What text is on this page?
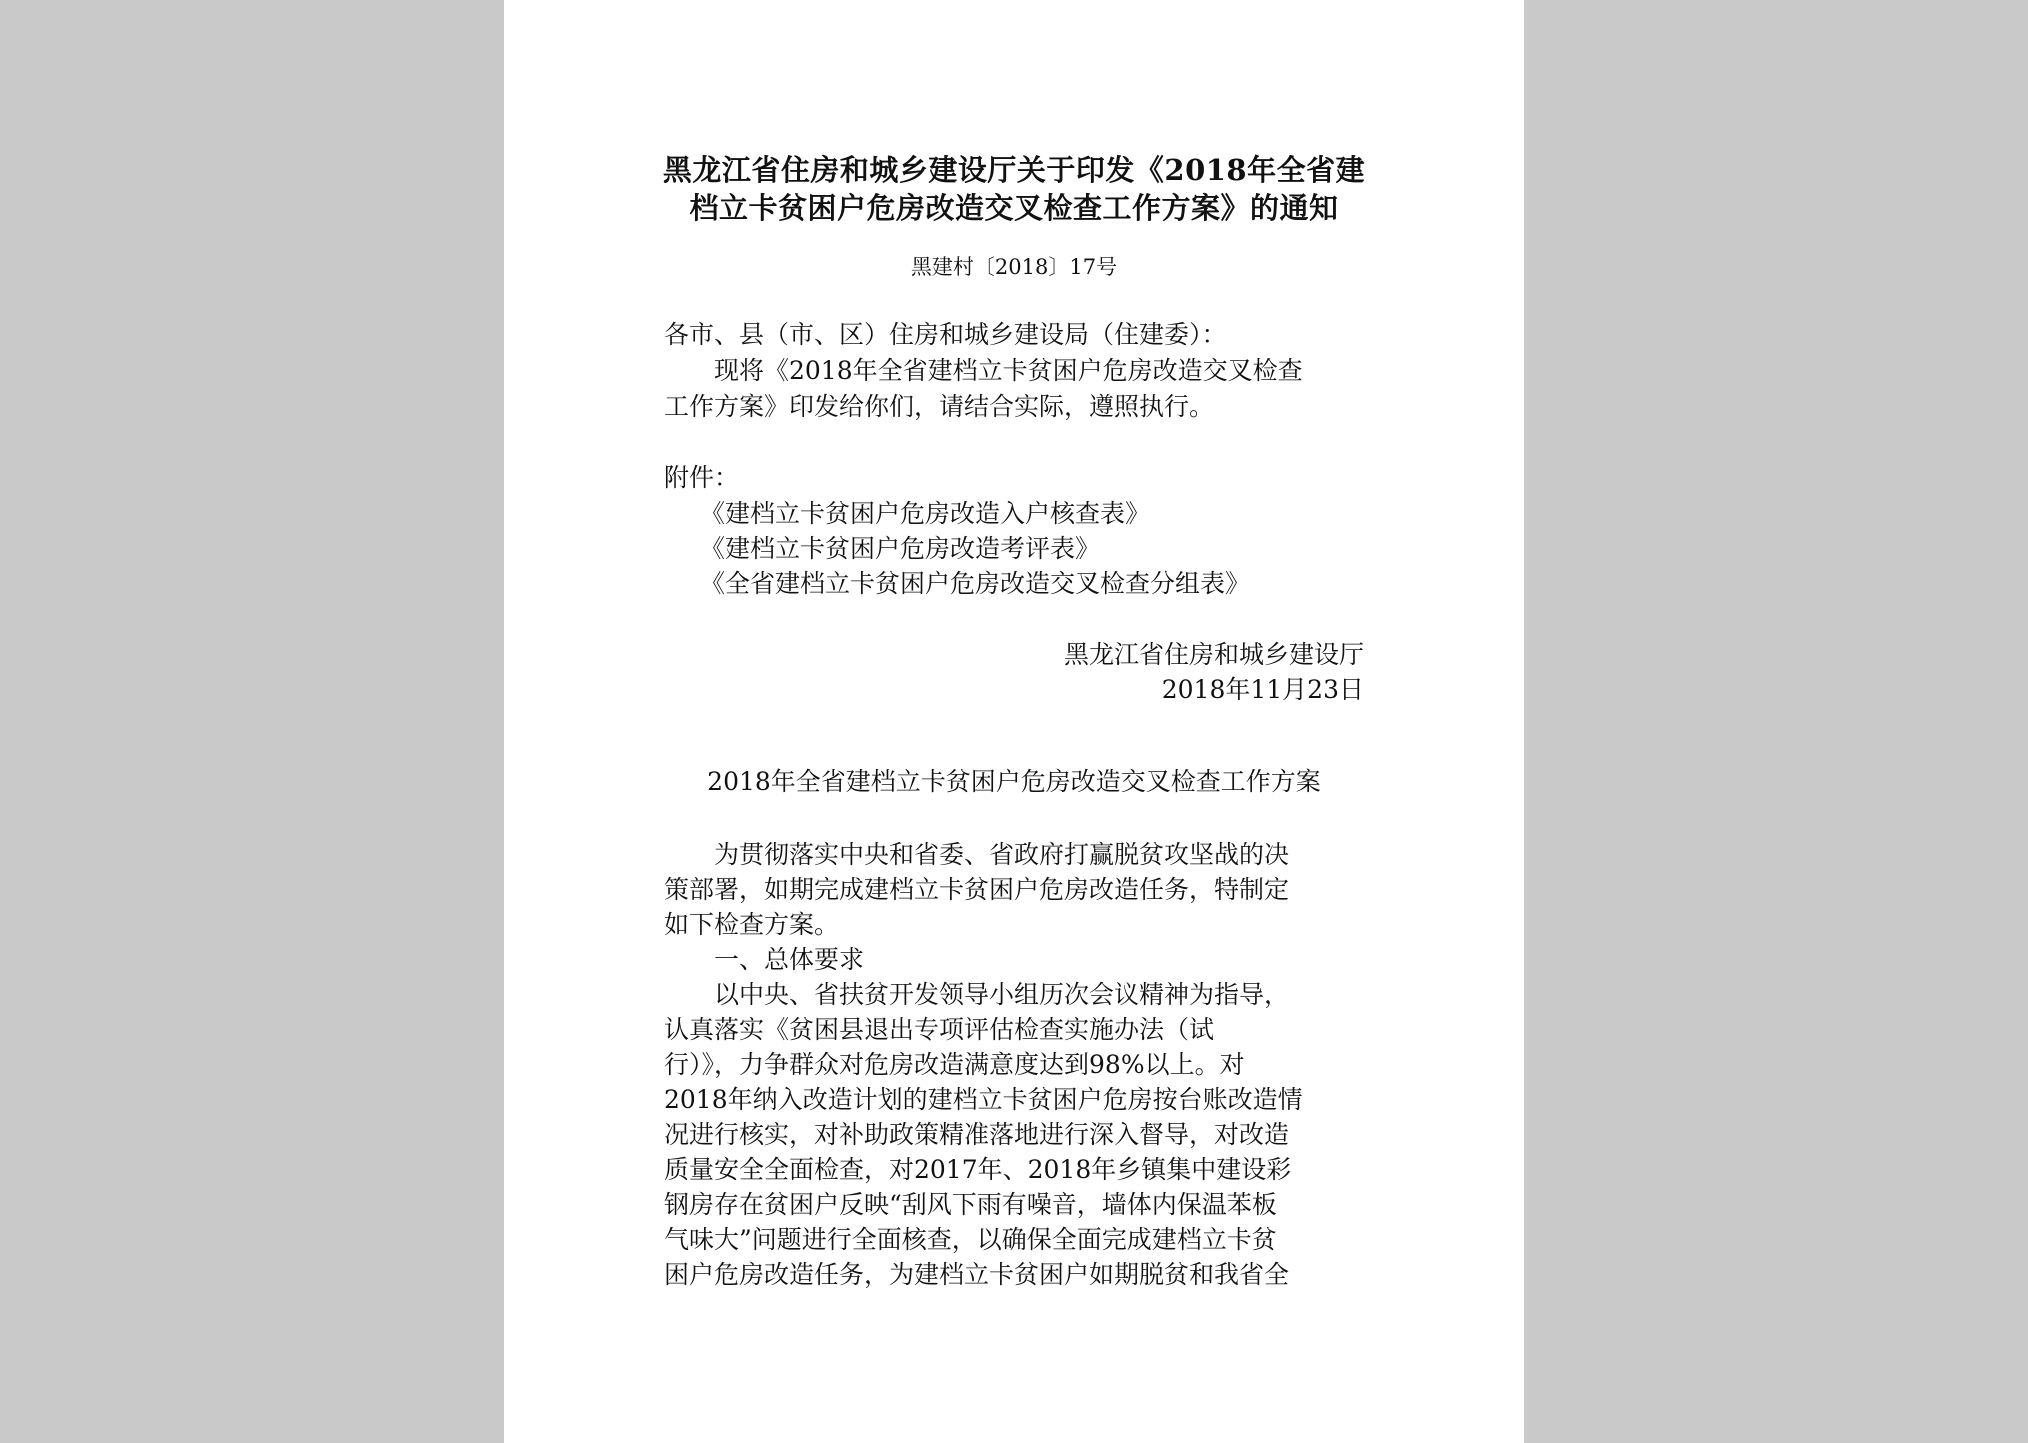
黑龙江省住房和城乡建设厅关于印发《2018年全省建
档立卡贫困户危房改造交叉检查工作方案》的通知
黑建村〔2018〕17号
各市、县（市、区）住房和城乡建设局（住建委）：
现将《2018年全省建档立卡贫困户危房改造交叉检查
工作方案》印发给你们，请结合实际，遵照执行。
附件：
《建档立卡贫困户危房改造入户核查表》
《建档立卡贫困户危房改造考评表》
《全省建档立卡贫困户危房改造交叉检查分组表》
黑龙江省住房和城乡建设厅
2018年11月23日
2018年全省建档立卡贫困户危房改造交叉检查工作方案
为贯彻落实中央和省委、省政府打赢脱贫攻坚战的决
策部署，如期完成建档立卡贫困户危房改造任务，特制定
如下检查方案。
一、总体要求
以中央、省扶贫开发领导小组历次会议精神为指导，
认真落实《贫困县退出专项评估检查实施办法（试
行）》，力争群众对危房改造满意度达到98%以上。对
2018年纳入改造计划的建档立卡贫困户危房按台账改造情
况进行核实，对补助政策精准落地进行深入督导，对改造
质量安全全面检查，对2017年、2018年乡镇集中建设彩
钢房存在贫困户反映“刮风下雨有噪音，墙体内保温苯板
气味大”问题进行全面核查，以确保全面完成建档立卡贫
困户危房改造任务，为建档立卡贫困户如期脱贫和我省全
